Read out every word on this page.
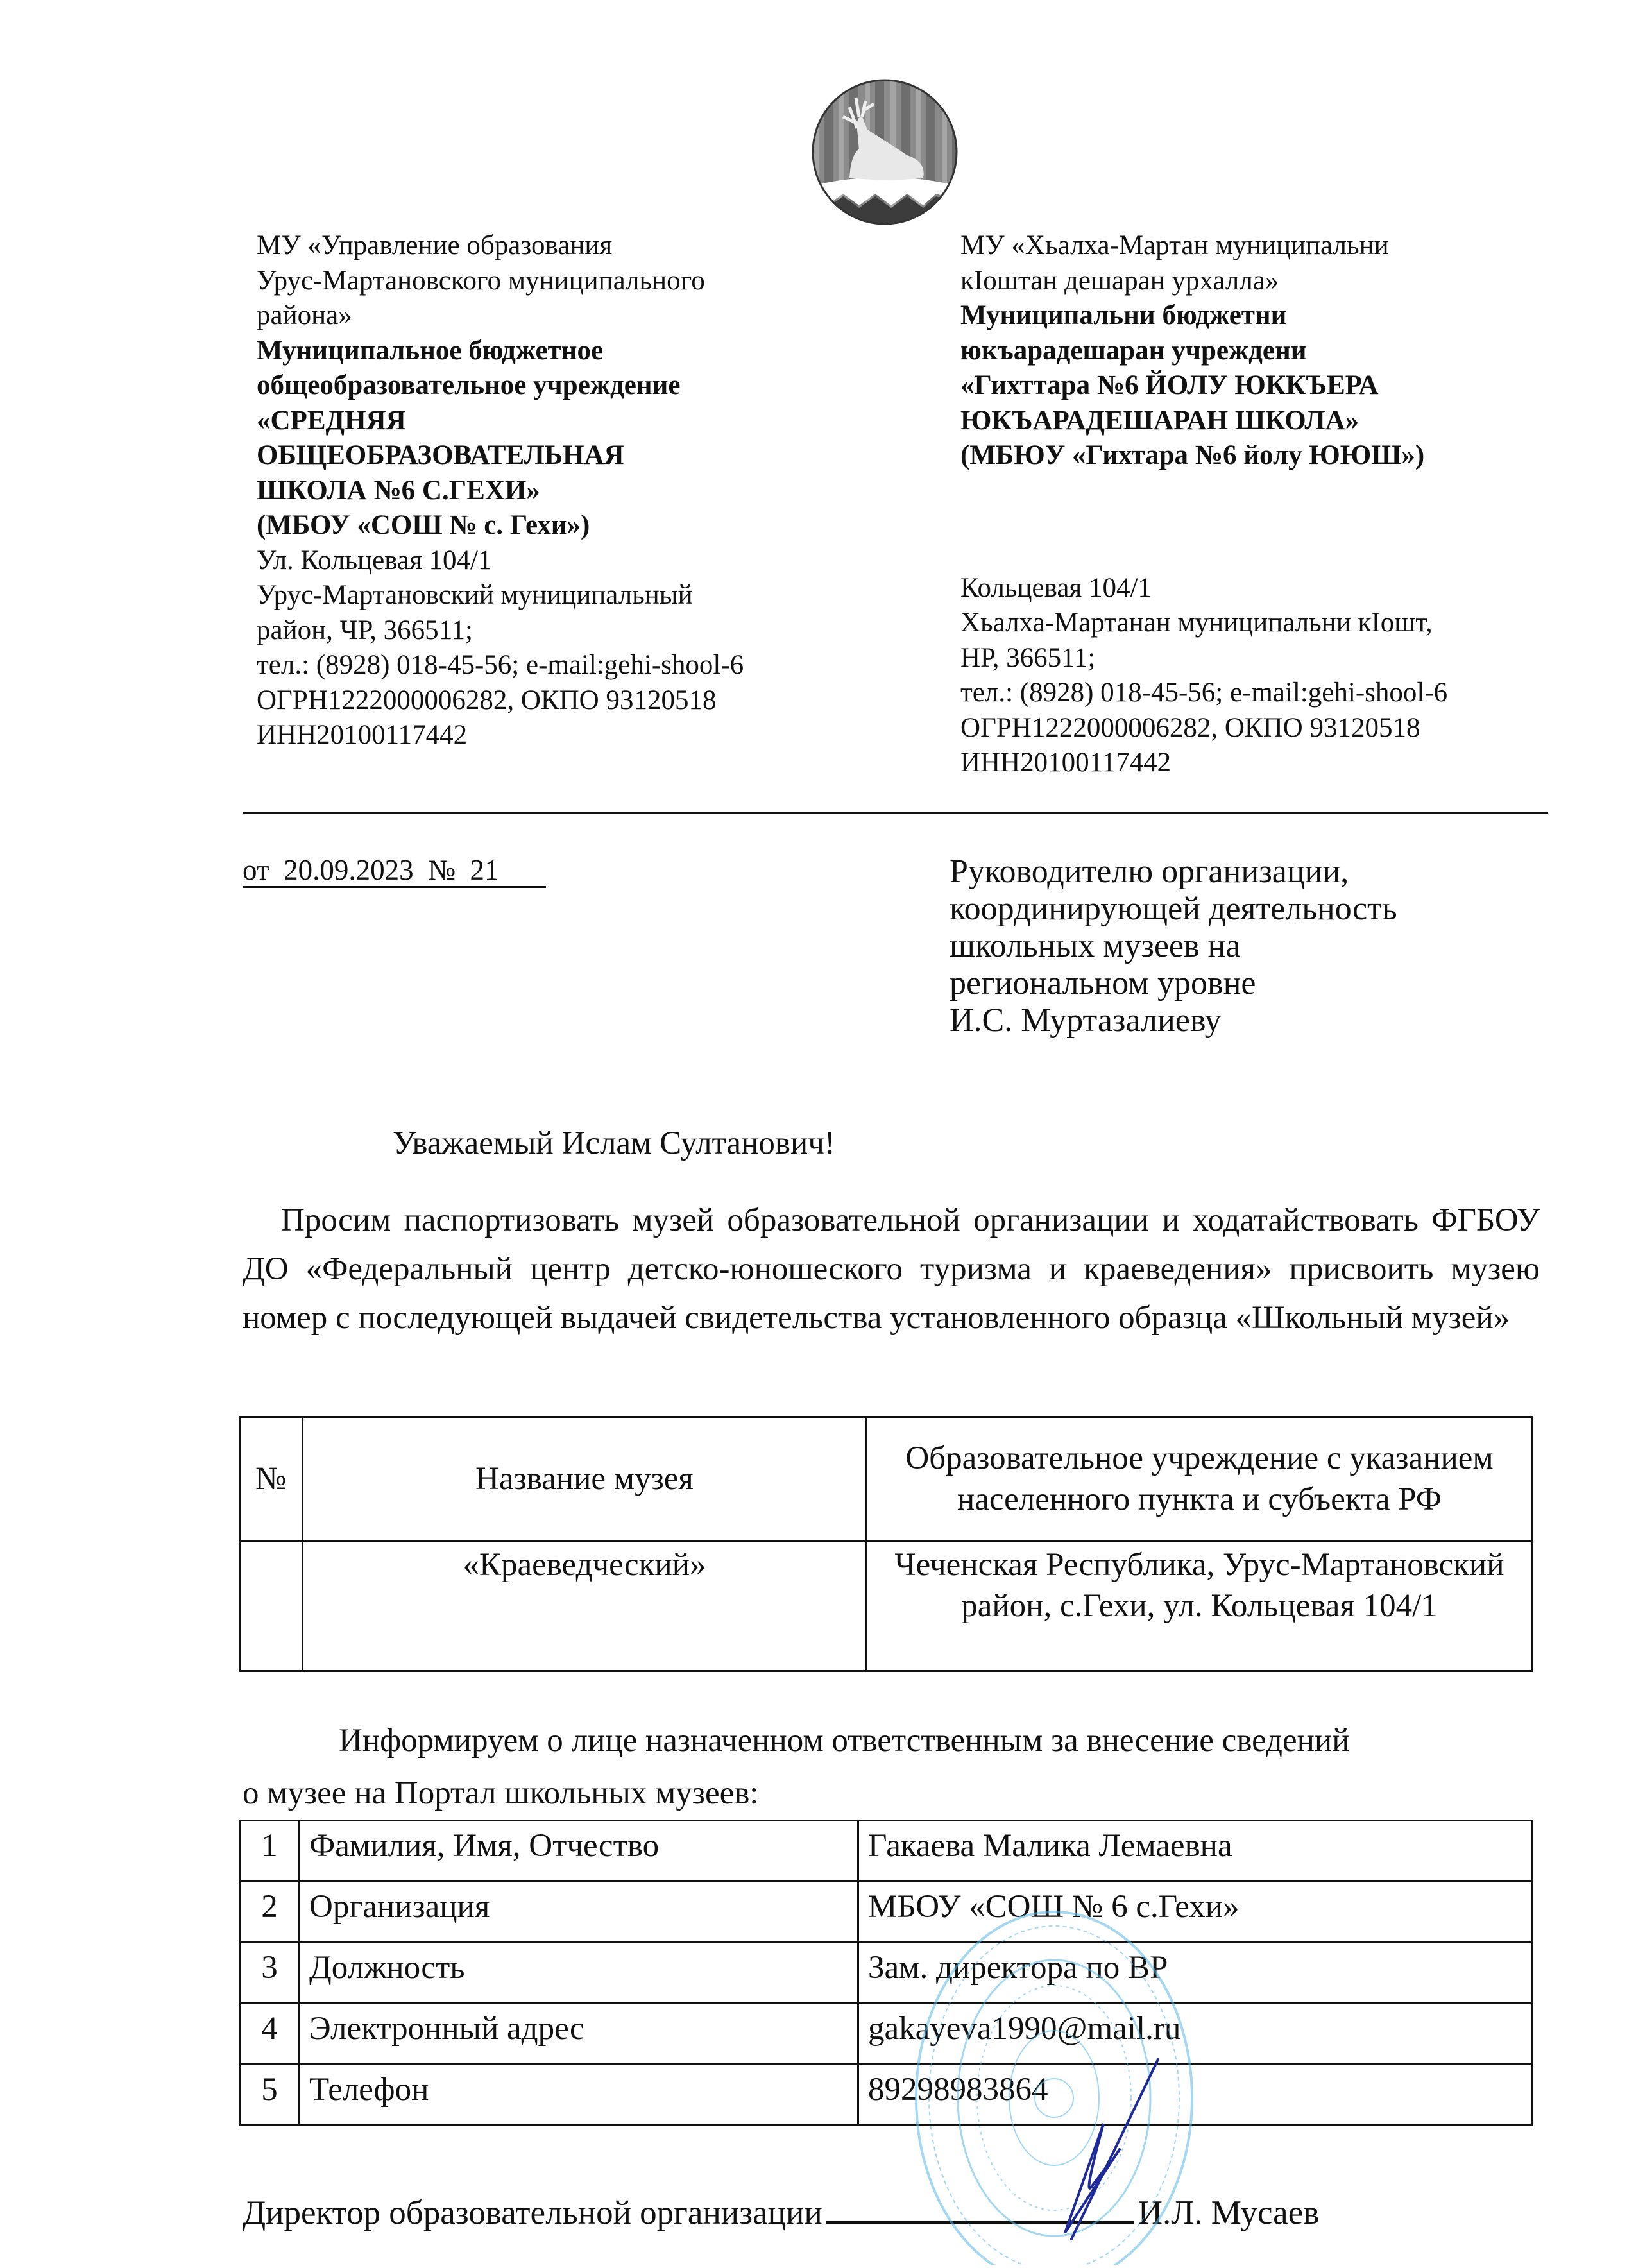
МУ «Управление образования
Урус-Мартановского муниципального
района»
Муниципальное бюджетное
общеобразовательное учреждение
«СРЕДНЯЯ
ОБЩЕОБРАЗОВАТЕЛЬНАЯ
ШКОЛА №6 С.ГЕХИ»
(МБОУ «СОШ № с. Гехи»)
Ул. Кольцевая 104/1
Урус-Мартановский муниципальный
район, ЧР, 366511;
тел.: (8928) 018-45-56; e-mail:gehi-shool-6
ОГРН1222000006282, ОКПО 93120518
ИНН20100117442
МУ «Хьалха-Мартан муниципальни
кIоштан дешаран урхалла»
Муниципальни бюджетни
юкъарадешаран учреждени
«Гихттара №6 ЙОЛУ ЮККЪЕРА
ЮКЪАРАДЕШАРАН ШКОЛА»
(МБЮУ «Гихтара №6 йолу ЮЮШ»)
Кольцевая 104/1
Хьалха-Мартанан муниципальни кIошт,
НР, 366511;
тел.: (8928) 018-45-56; e-mail:gehi-shool-6
ОГРН1222000006282, ОКПО 93120518
ИНН20100117442
от 20.09.2023 № 21	Руководителю организации,
координирующей деятельность
школьных музеев на
региональном уровне
И.С. Муртазалиеву
Уважаемый Ислам Султанович!
Просим паспортизовать музей образовательной организации и ходатайствовать ФГБОУ ДО «Федеральный центр детско-юношеского туризма и краеведения» присвоить музею номер с последующей выдачей свидетельства установленного образца «Школьный музей»
№	Название музея	Образовательное учреждение с указанием населенного пункта и субъекта РФ
	«Краеведческий»	Чеченская Республика, Урус-Мартановский район, с.Гехи, ул. Кольцевая 104/1
Информируем о лице назначенном ответственным за внесение сведений
о музее на Портал школьных музеев:
1	Фамилия, Имя, Отчество	Гакаева Малика Лемаевна
2	Организация	МБОУ «СОШ № 6 с.Гехи»
3	Должность	Зам. директора по ВР
4	Электронный адрес	gakayeva1990@mail.ru
5	Телефон	89298983864
Директор образовательной организации	И.Л. Мусаев
